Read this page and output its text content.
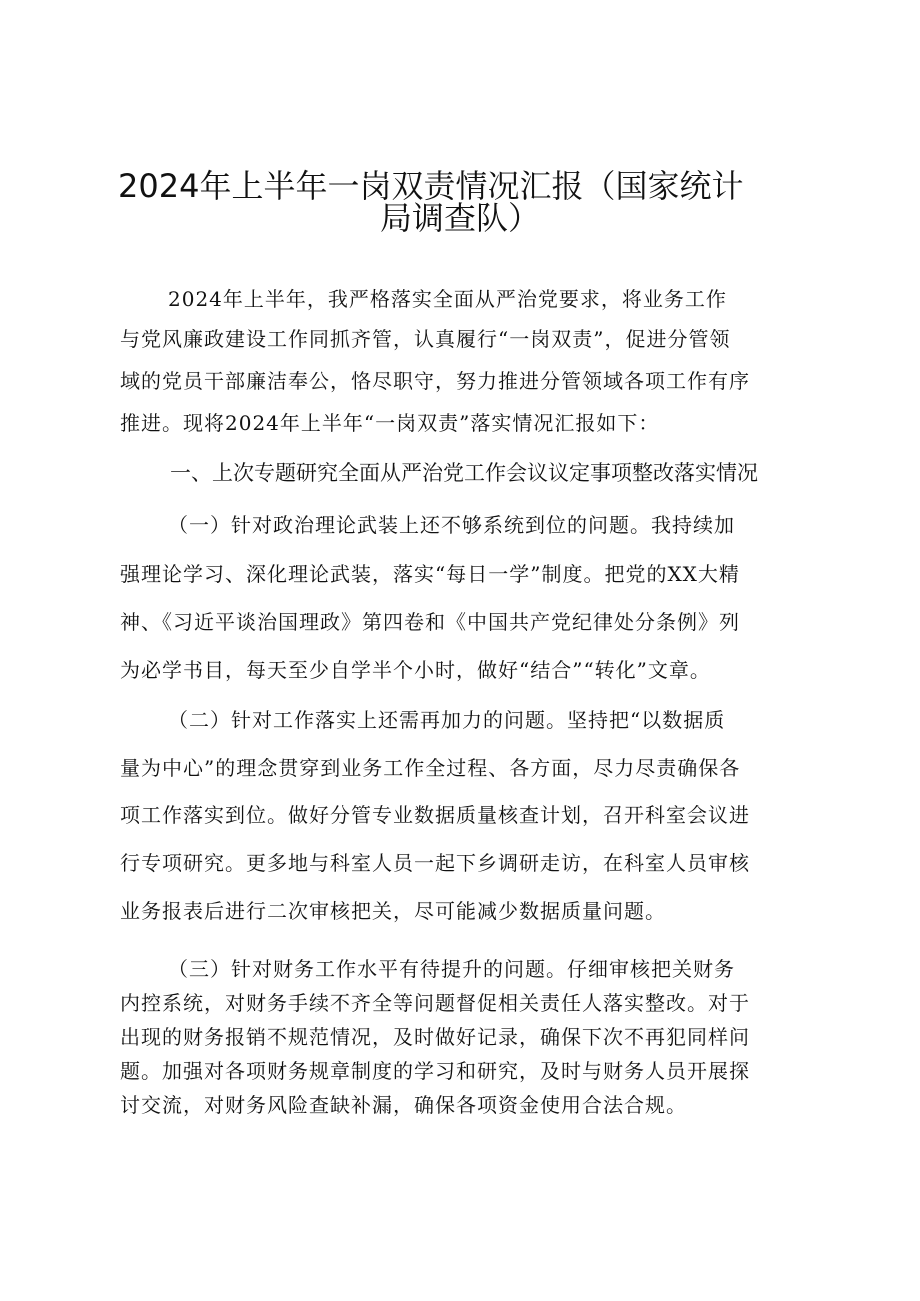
2024年上半年一岗双责情况汇报（国家统计
局调查队）
2024年上半年，我严格落实全面从严治党要求，将业务工作
与党风廉政建设工作同抓齐管，认真履行“一岗双责”，促进分管领
域的党员干部廉洁奉公，恪尽职守，努力推进分管领域各项工作有序
推进。现将2024年上半年“一岗双责”落实情况汇报如下：
一、上次专题研究全面从严治党工作会议议定事项整改落实情况
（一）针对政治理论武装上还不够系统到位的问题。我持续加
强理论学习、深化理论武装，落实“每日一学”制度。把党的XX大精
神、《习近平谈治国理政》第四卷和《中国共产党纪律处分条例》列
为必学书目，每天至少自学半个小时，做好“结合”“转化”文章。
（二）针对工作落实上还需再加力的问题。坚持把“以数据质
量为中心”的理念贯穿到业务工作全过程、各方面，尽力尽责确保各
项工作落实到位。做好分管专业数据质量核查计划，召开科室会议进
行专项研究。更多地与科室人员一起下乡调研走访，在科室人员审核
业务报表后进行二次审核把关，尽可能减少数据质量问题。
（三）针对财务工作水平有待提升的问题。仔细审核把关财务
内控系统，对财务手续不齐全等问题督促相关责任人落实整改。对于
出现的财务报销不规范情况，及时做好记录，确保下次不再犯同样问
题。加强对各项财务规章制度的学习和研究，及时与财务人员开展探
讨交流，对财务风险查缺补漏，确保各项资金使用合法合规。
